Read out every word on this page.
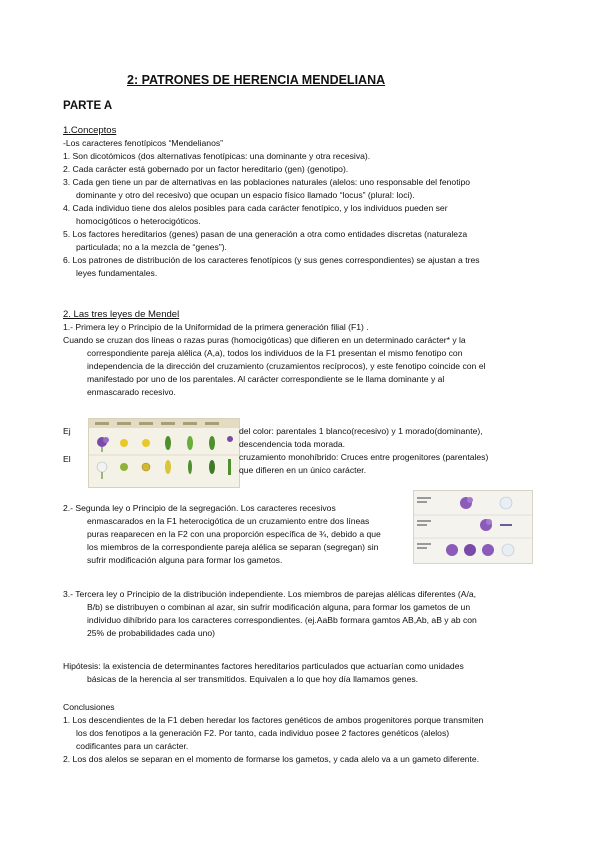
2: PATRONES DE HERENCIA MENDELIANA
PARTE A
1.Conceptos
-Los caracteres fenotípicos “Mendelianos”
1. Son dicotómicos (dos alternativas fenotípicas: una dominante y otra recesiva).
2. Cada carácter está gobernado por un factor hereditario (gen) (genotipo).
3. Cada gen tiene un par de alternativas en las poblaciones naturales (alelos: uno responsable del fenotipo
dominante y otro del recesivo) que ocupan un espacio físico llamado “locus” (plural: loci).
4. Cada individuo tiene dos alelos posibles para cada carácter fenotípico, y los individuos pueden ser
homocigóticos o heterocigóticos.
5. Los factores hereditarios (genes) pasan de una generación a otra como entidades discretas (naturaleza
particulada; no a la mezcla de “genes”).
6. Los patrones de distribución de los caracteres fenotípicos (y sus genes correspondientes) se ajustan a tres
leyes fundamentales.
2. Las tres leyes de Mendel
1.- Primera ley o Principio de la Uniformidad de la primera generación filial (F1) .
Cuando se cruzan dos líneas o razas puras (homocigóticas) que difieren en un determinado carácter* y la
correspondiente pareja alélica (A,a), todos los individuos de la F1 presentan el mismo fenotipo con
independencia de la dirección del cruzamiento (cruzamientos recíprocos), y este fenotipo coincide con el
manifestado por uno de los parentales. Al carácter correspondiente se le llama dominante y al
enmascarado recesivo.
Ej
El
del color: parentales 1 blanco(recesivo) y 1 morado(dominante),
descendencia toda morada.
cruzamiento monohíbrido: Cruces entre progenitores (parentales)
que difieren en un único carácter.
2.- Segunda ley o Principio de la segregación. Los caracteres recesivos
enmascarados en la F1 heterocigótica de un cruzamiento entre dos líneas
puras reaparecen en la F2 con una proporción específica de ¾, debido a que
los miembros de la correspondiente pareja alélica se separan (segregan) sin
sufrir modificación alguna para formar los gametos.
3.- Tercera ley o Principio de la distribución independiente. Los miembros de parejas alélicas diferentes (A/a,
B/b) se distribuyen o combinan al azar, sin sufrir modificación alguna, para formar los gametos de un
individuo dihíbrido para los caracteres correspondientes. (ej.AaBb formara gamtos AB,Ab, aB y ab con
25% de probabilidades cada uno)
Hipótesis: la existencia de determinantes factores hereditarios particulados que actuarían como unidades
básicas de la herencia al ser transmitidos. Equivalen a lo que hoy día llamamos genes.
Conclusiones
1. Los descendientes de la F1 deben heredar los factores genéticos de ambos progenitores porque transmiten
los dos fenotipos a la generación F2. Por tanto, cada individuo posee 2 factores genéticos (alelos)
codificantes para un carácter.
2. Los dos alelos se separan en el momento de formarse los gametos, y cada alelo va a un gameto diferente.
